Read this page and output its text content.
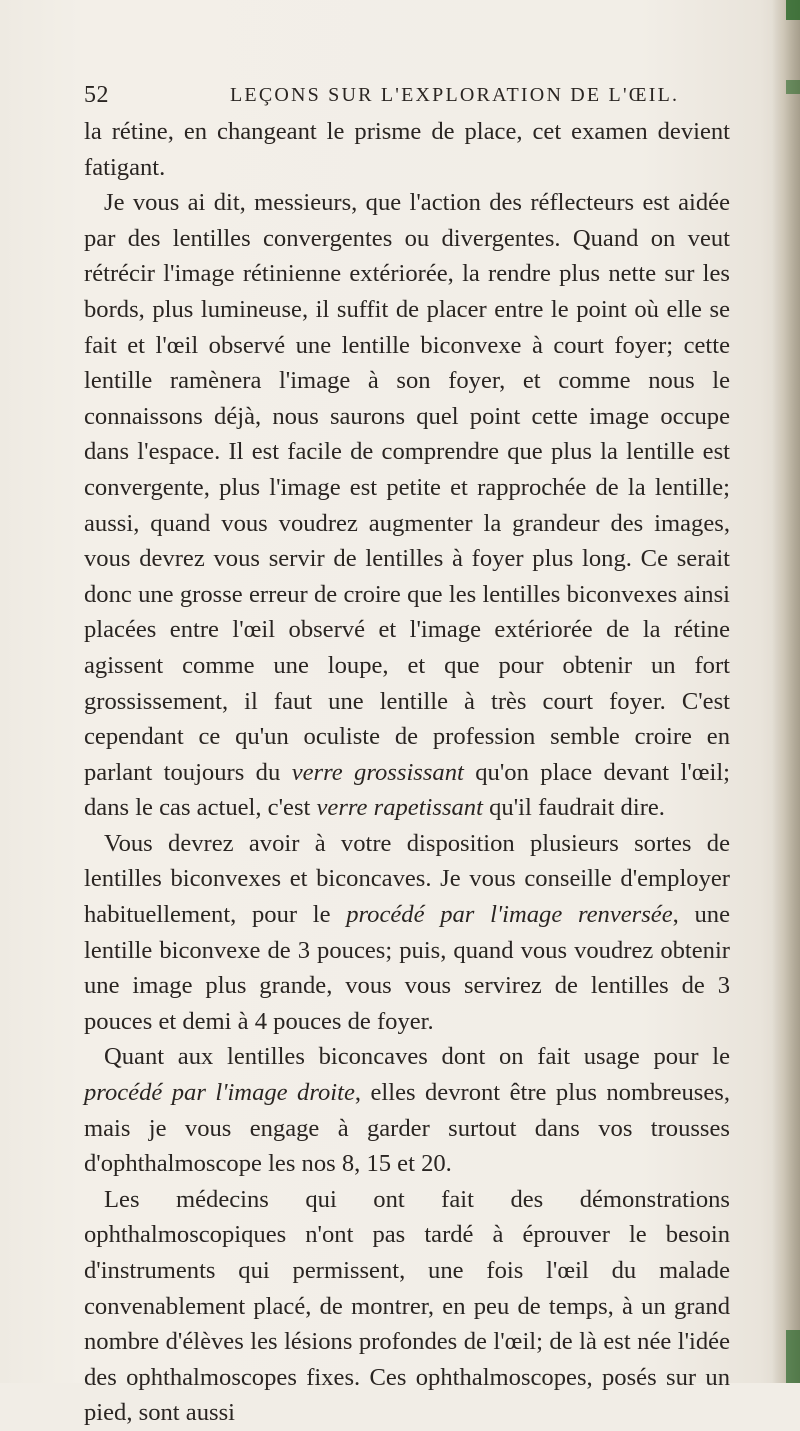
52	LEÇONS SUR L'EXPLORATION DE L'ŒIL.

la rétine, en changeant le prisme de place, cet examen devient fatigant.

Je vous ai dit, messieurs, que l'action des réflecteurs est aidée par des lentilles convergentes ou divergentes. Quand on veut rétrécir l'image rétinienne extériorée, la rendre plus nette sur les bords, plus lumineuse, il suffit de placer entre le point où elle se fait et l'œil observé une lentille biconvexe à court foyer; cette lentille ramènera l'image à son foyer, et comme nous le connaissons déjà, nous saurons quel point cette image occupe dans l'espace. Il est facile de comprendre que plus la lentille est convergente, plus l'image est petite et rapprochée de la lentille; aussi, quand vous voudrez augmenter la grandeur des images, vous devrez vous servir de lentilles à foyer plus long. Ce serait donc une grosse erreur de croire que les lentilles biconvexes ainsi placées entre l'œil observé et l'image extériorée de la rétine agissent comme une loupe, et que pour obtenir un fort grossissement, il faut une lentille à très court foyer. C'est cependant ce qu'un oculiste de profession semble croire en parlant toujours du verre grossissant qu'on place devant l'œil; dans le cas actuel, c'est verre rapetissant qu'il faudrait dire.

Vous devrez avoir à votre disposition plusieurs sortes de lentilles biconvexes et biconcaves. Je vous conseille d'employer habituellement, pour le procédé par l'image renversée, une lentille biconvexe de 3 pouces; puis, quand vous voudrez obtenir une image plus grande, vous vous servirez de lentilles de 3 pouces et demi à 4 pouces de foyer.

Quant aux lentilles biconcaves dont on fait usage pour le procédé par l'image droite, elles devront être plus nombreuses, mais je vous engage à garder surtout dans vos trousses d'ophthalmoscope les nos 8, 15 et 20.

Les médecins qui ont fait des démonstrations ophthalmoscopiques n'ont pas tardé à éprouver le besoin d'instruments qui permissent, une fois l'œil du malade convenablement placé, de montrer, en peu de temps, à un grand nombre d'élèves les lésions profondes de l'œil; de là est née l'idée des ophthalmoscopes fixes. Ces ophthalmoscopes, posés sur un pied, sont aussi
